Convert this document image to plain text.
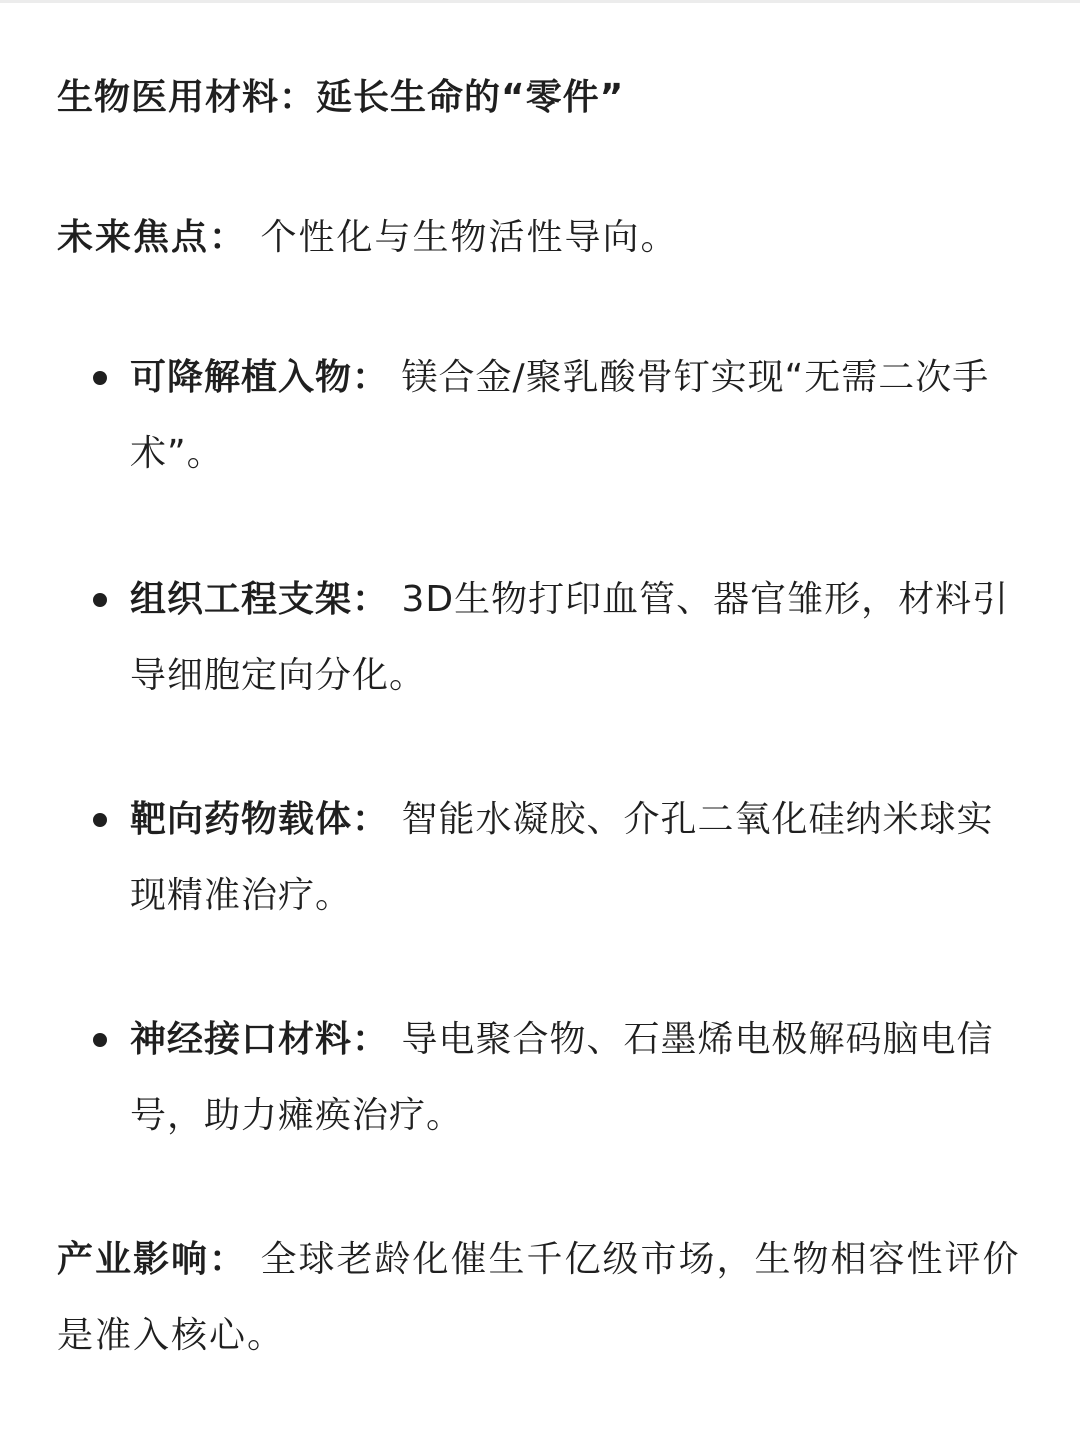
生物医用材料：延长生命的“零件”
未来焦点： 个性化与生物活性导向。
可降解植入物： 镁合金/聚乳酸骨钉实现“无需二次手术”。
组织工程支架： 3D生物打印血管、器官雏形，材料引导细胞定向分化。
靶向药物载体： 智能水凝胶、介孔二氧化硅纳米球实现精准治疗。
神经接口材料： 导电聚合物、石墨烯电极解码脑电信号，助力瘫痪治疗。
产业影响： 全球老龄化催生千亿级市场，生物相容性评价是准入核心。
